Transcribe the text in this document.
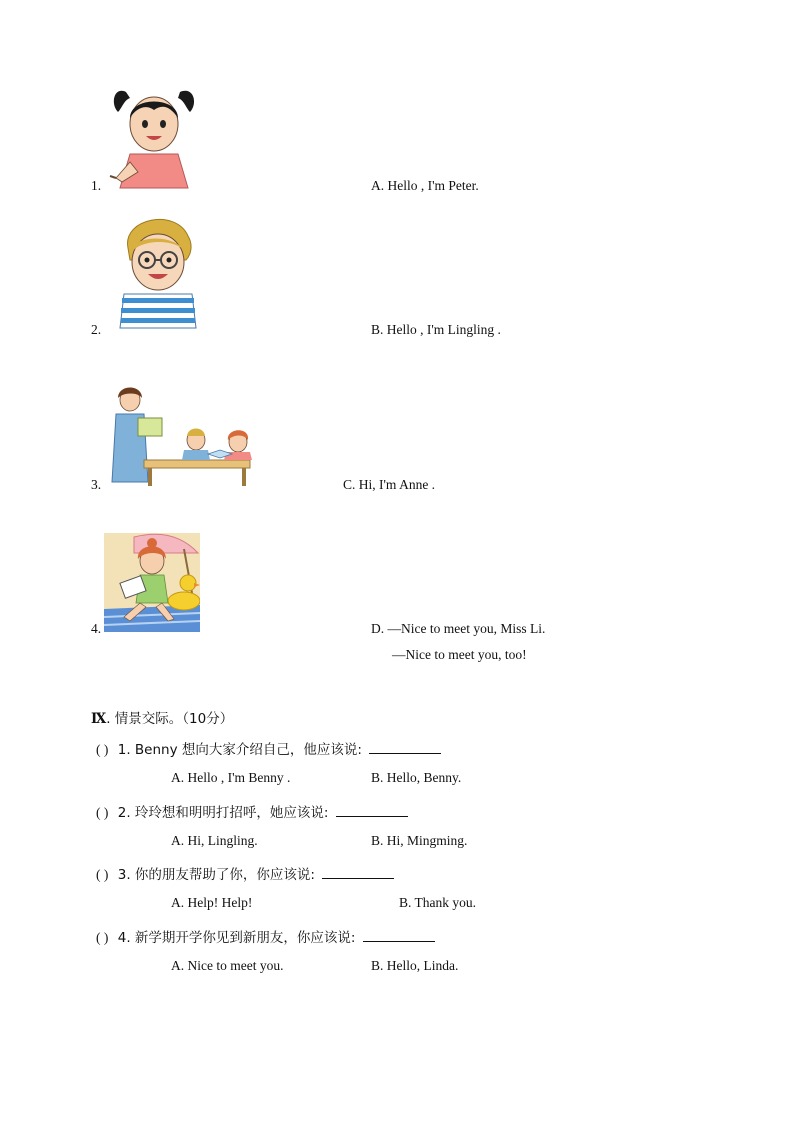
1.	A. Hello , I'm Peter.
2.	B. Hello , I'm Lingling .
3.	C. Hi, I'm Anne .
4.	D. —Nice to meet you, Miss Li.
—Nice to meet you, too!
Ⅸ. 情景交际。（10分）
( ) 1. Benny 想向大家介绍自己，他应该说:
A. Hello , I'm Benny .	B. Hello, Benny.
( ) 2. 玲玲想和明明打招呼，她应该说:
A. Hi, Lingling.	B. Hi, Mingming.
( ) 3. 你的朋友帮助了你，你应该说:
A. Help! Help!	B. Thank you.
( ) 4. 新学期开学你见到新朋友，你应该说:
A. Nice to meet you.	B. Hello, Linda.
